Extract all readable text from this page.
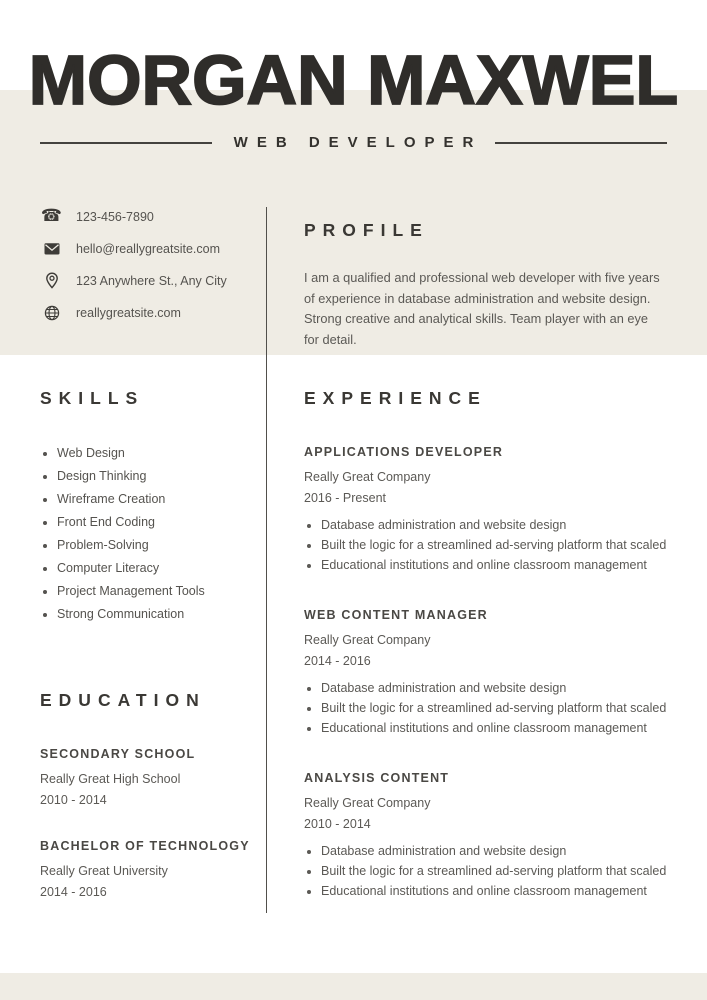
MORGAN MAXWEL
WEB DEVELOPER
☎ 123-456-7890
hello@reallygreatsite.com
123 Anywhere St., Any City
reallygreatsite.com
PROFILE

I am a qualified and professional web developer with five years of experience in database administration and website design. Strong creative and analytical skills. Team player with an eye for detail.

SKILLS
• Web Design
• Design Thinking
• Wireframe Creation
• Front End Coding
• Problem-Solving
• Computer Literacy
• Project Management Tools
• Strong Communication
EDUCATION
SECONDARY SCHOOL
Really Great High School
2010 - 2014
BACHELOR OF TECHNOLOGY
Really Great University
2014 - 2016
EXPERIENCE
APPLICATIONS DEVELOPER
Really Great Company
2016 - Present
• Database administration and website design
• Built the logic for a streamlined ad-serving platform that scaled
• Educational institutions and online classroom management
WEB CONTENT MANAGER
Really Great Company
2014 - 2016
• Database administration and website design
• Built the logic for a streamlined ad-serving platform that scaled
• Educational institutions and online classroom management
ANALYSIS CONTENT
Really Great Company
2010 - 2014
• Database administration and website design
• Built the logic for a streamlined ad-serving platform that scaled
• Educational institutions and online classroom management
